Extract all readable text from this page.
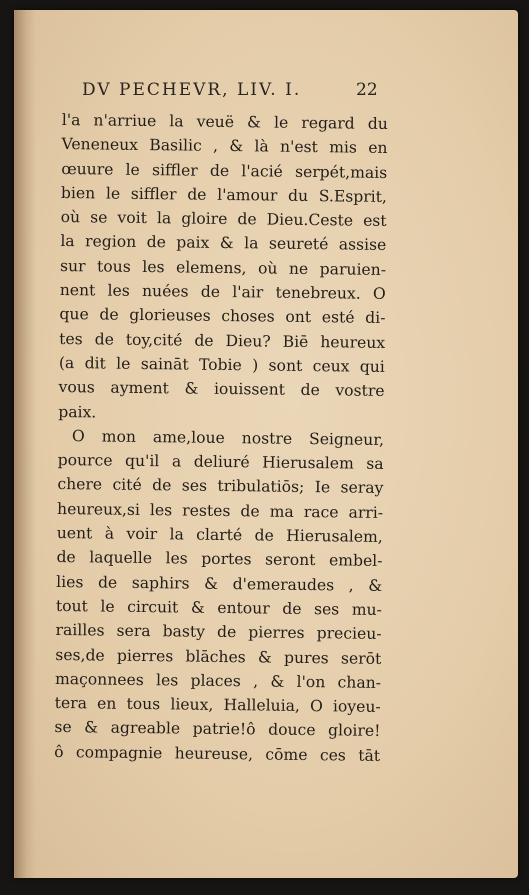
DV PECHEVR, LIV. I.	22
l'a n'arriue la veuë & le regard du
Veneneux Basilic , & là n'est mis en
œuure le siffler de l'acié serpét,mais
bien le siffler de l'amour du S.Esprit,
où se voit la gloire de Dieu.Ceste est
la region de paix & la seureté assise
sur tous les elemens, où ne paruien-
nent les nuées de l'air tenebreux. O
que de glorieuses choses ont esté di-
tes de toy,cité de Dieu? Biē heureux
(a dit le saināt Tobie ) sont ceux qui
vous ayment & iouissent de vostre
paix.
O mon ame,loue nostre Seigneur,
pource qu'il a deliuré Hierusalem sa
chere cité de ses tribulatiōs; Ie seray
heureux,si les restes de ma race arri-
uent à voir la clarté de Hierusalem,
de laquelle les portes seront embel-
lies de saphirs & d'emeraudes , &
tout le circuit & entour de ses mu-
railles sera basty de pierres precieu-
ses,de pierres blāches & pures serōt
maçonnees les places , & l'on chan-
tera en tous lieux, Halleluia, O ioyeu-
se & agreable patrie!ô douce gloire!
ô compagnie heureuse, cōme ces tāt
